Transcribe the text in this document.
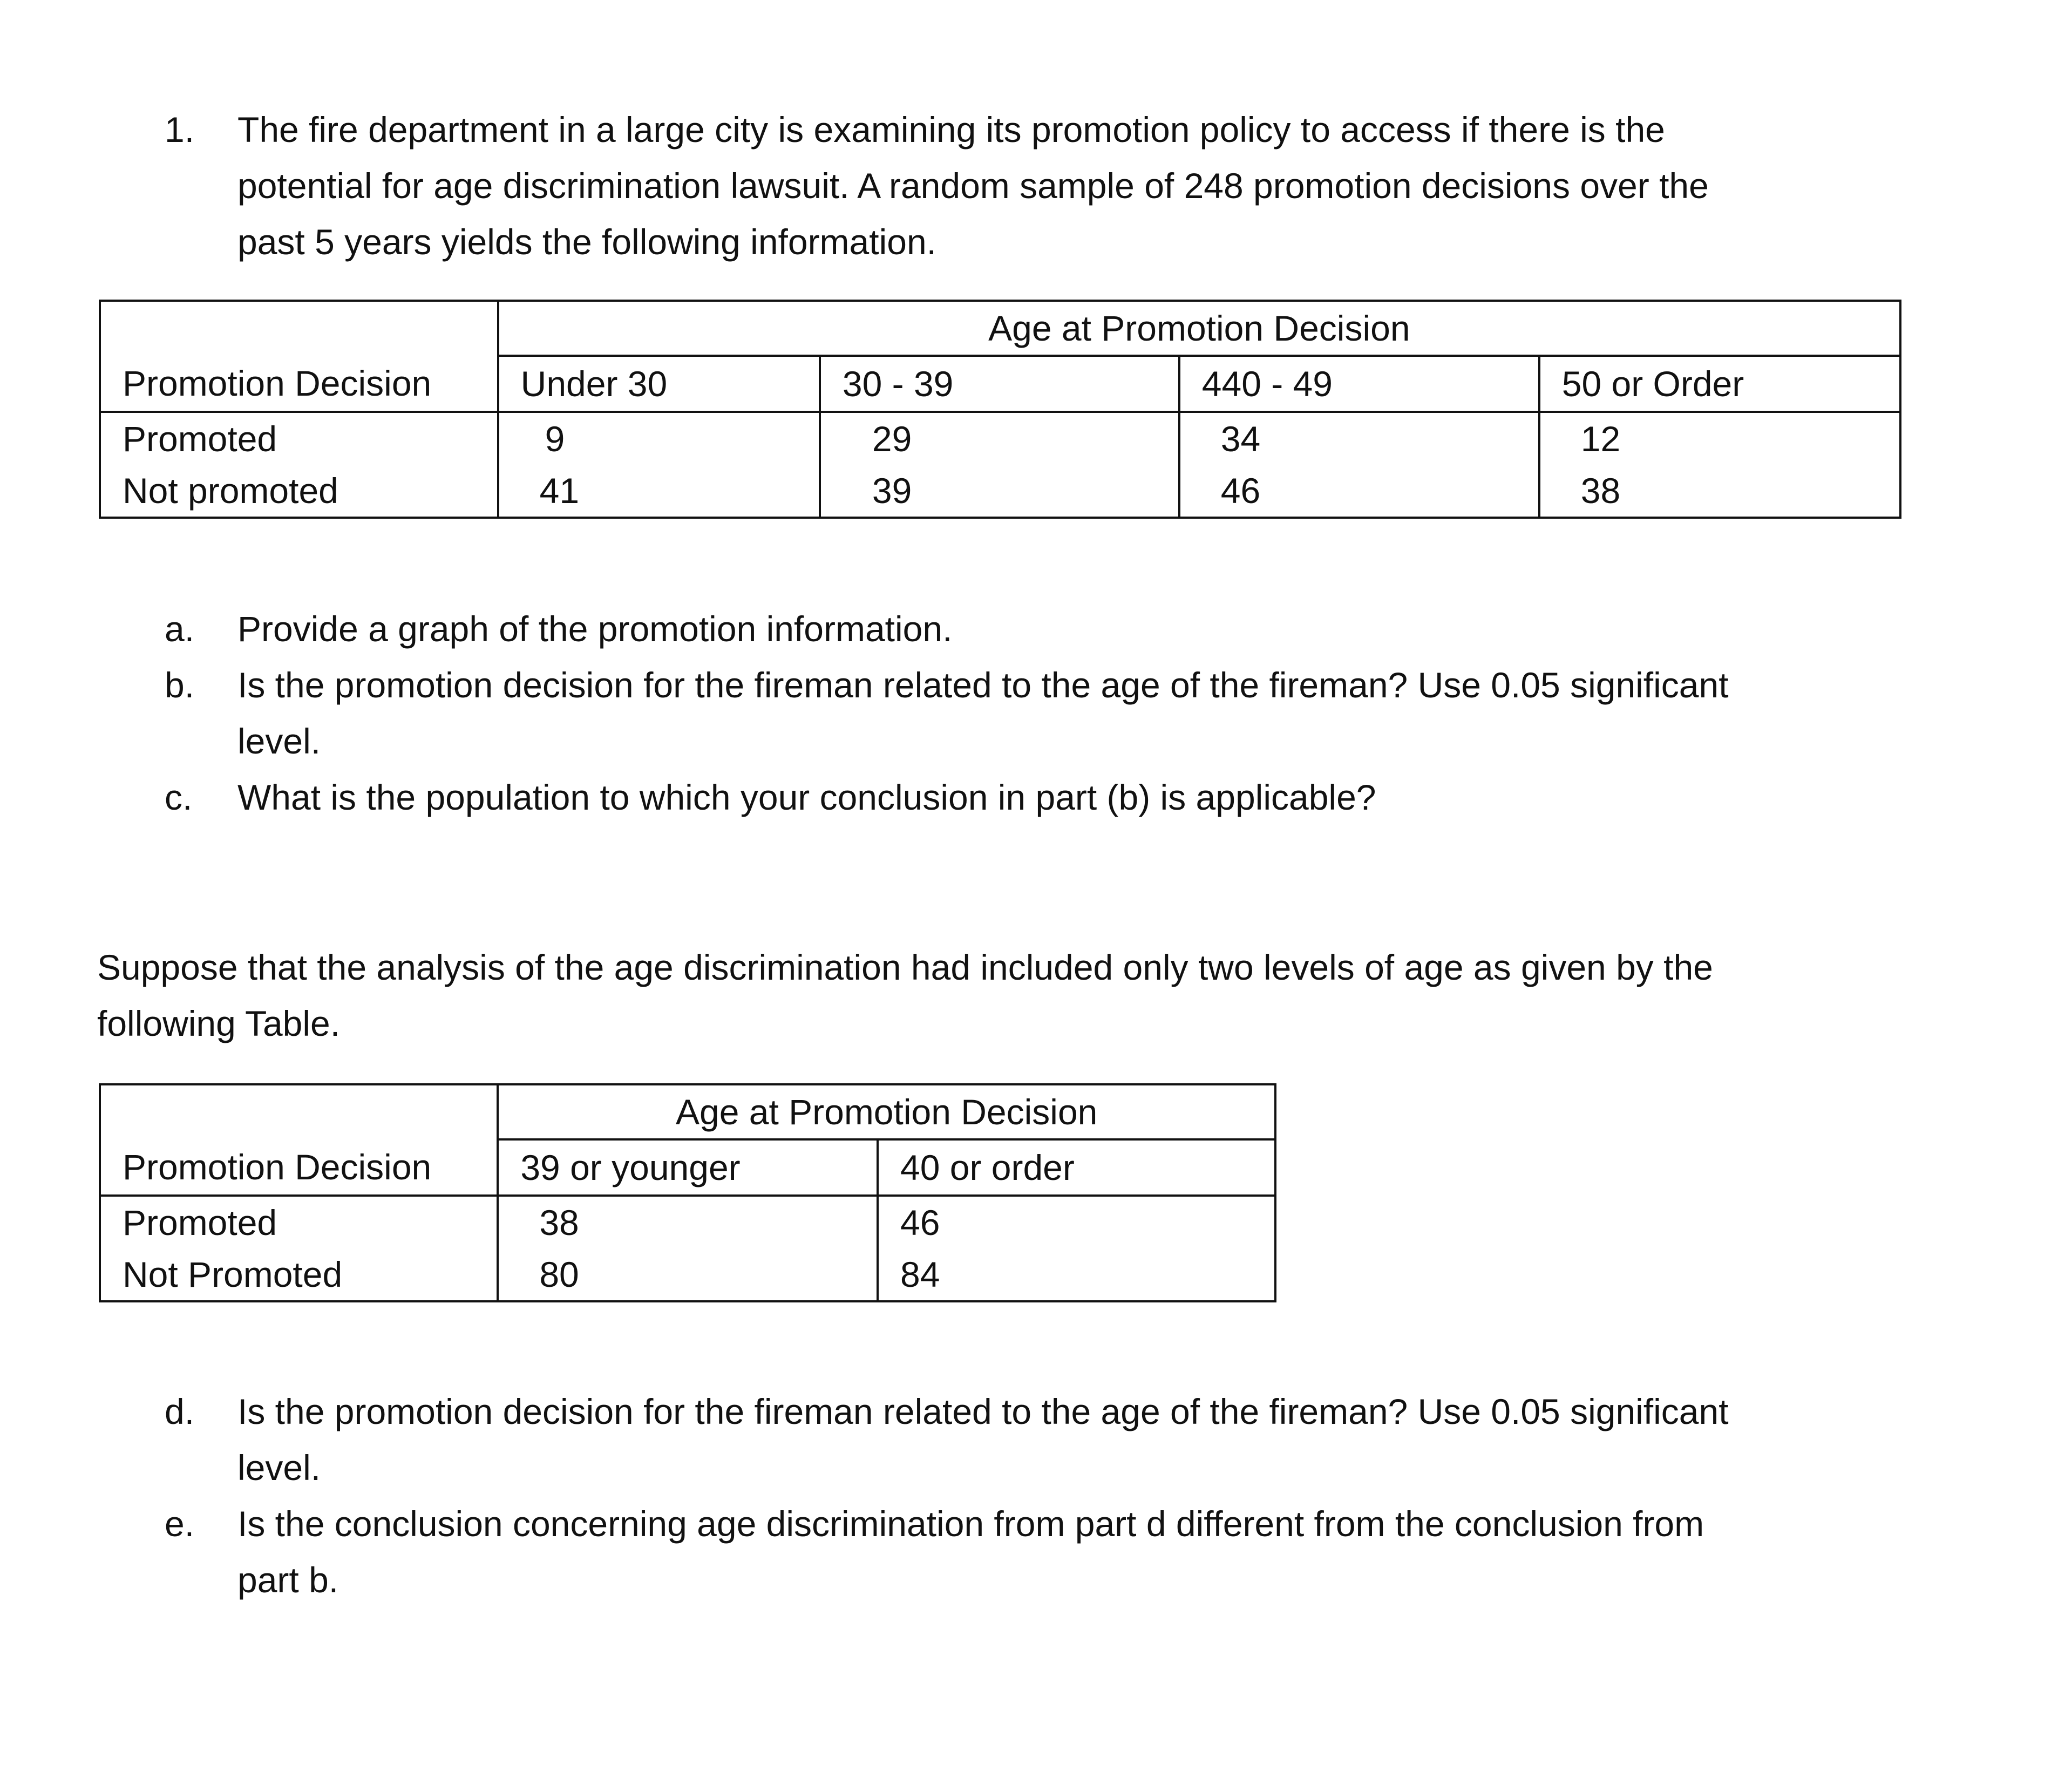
1. The fire department in a large city is examining its promotion policy to access if there is the
potential for age discrimination lawsuit. A random sample of 248 promotion decisions over the
past 5 years yields the following information.
	Age at Promotion Decision			
Promotion Decision	Under 30	30 - 39	440 - 49	50 or Order
Promoted	9	29	34	12
Not promoted	41	39	46	38
a. Provide a graph of the promotion information.
b. Is the promotion decision for the fireman related to the age of the fireman? Use 0.05 significant
level.
c. What is the population to which your conclusion in part (b) is applicable?
Suppose that the analysis of the age discrimination had included only two levels of age as given by the
following Table.
	Age at Promotion Decision	
Promotion Decision	39 or younger	40 or order
Promoted	38	46
Not Promoted	80	84
d. Is the promotion decision for the fireman related to the age of the fireman? Use 0.05 significant
level.
e. Is the conclusion concerning age discrimination from part d different from the conclusion from
part b.
